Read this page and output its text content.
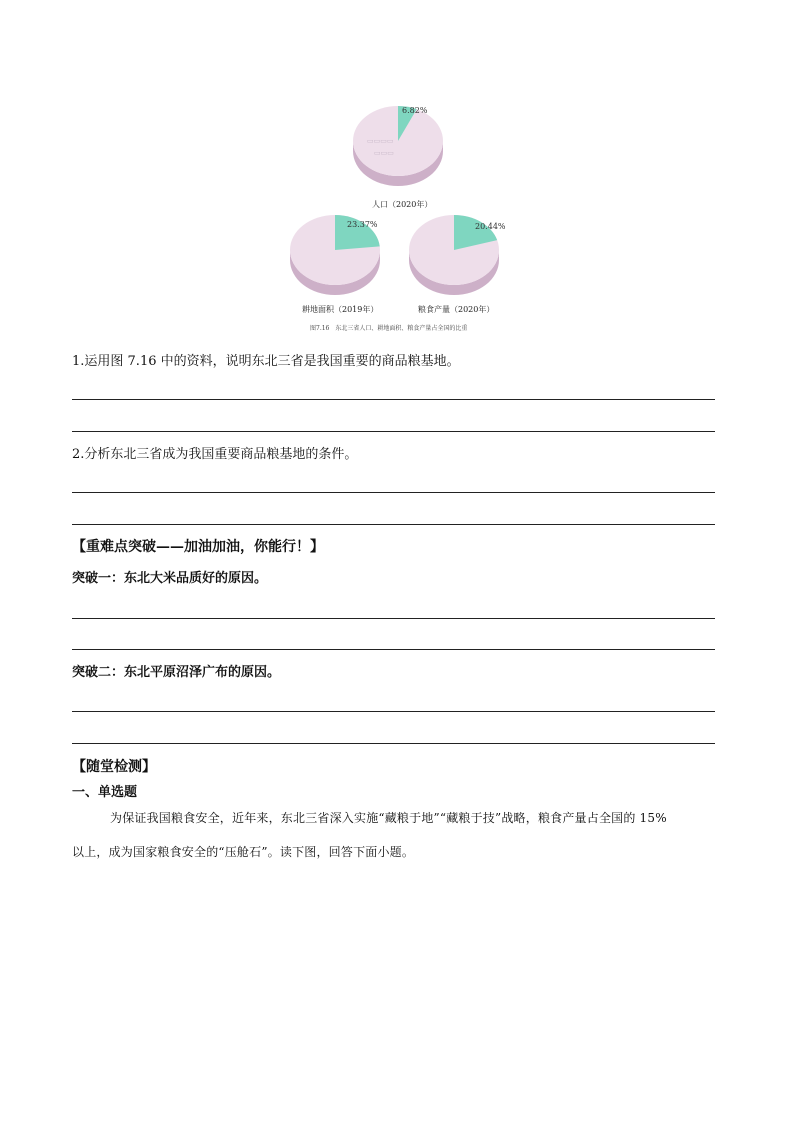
▭▭▭▭
▭▭▭
6.82%
人口（2020年）
23.37%
耕地面积（2019年）
20.44%
粮食产量（2020年）
图7.16　东北三省人口、耕地面积、粮食产量占全国的比重
1.运用图 7.16 中的资料，说明东北三省是我国重要的商品粮基地。
2.分析东北三省成为我国重要商品粮基地的条件。
【重难点突破——加油加油，你能行！】
突破一：东北大米品质好的原因。
突破二：东北平原沼泽广布的原因。
【随堂检测】
一、单选题
为保证我国粮食安全，近年来，东北三省深入实施“藏粮于地”“藏粮于技”战略，粮食产量占全国的 15%
以上，成为国家粮食安全的“压舱石”。读下图，回答下面小题。
